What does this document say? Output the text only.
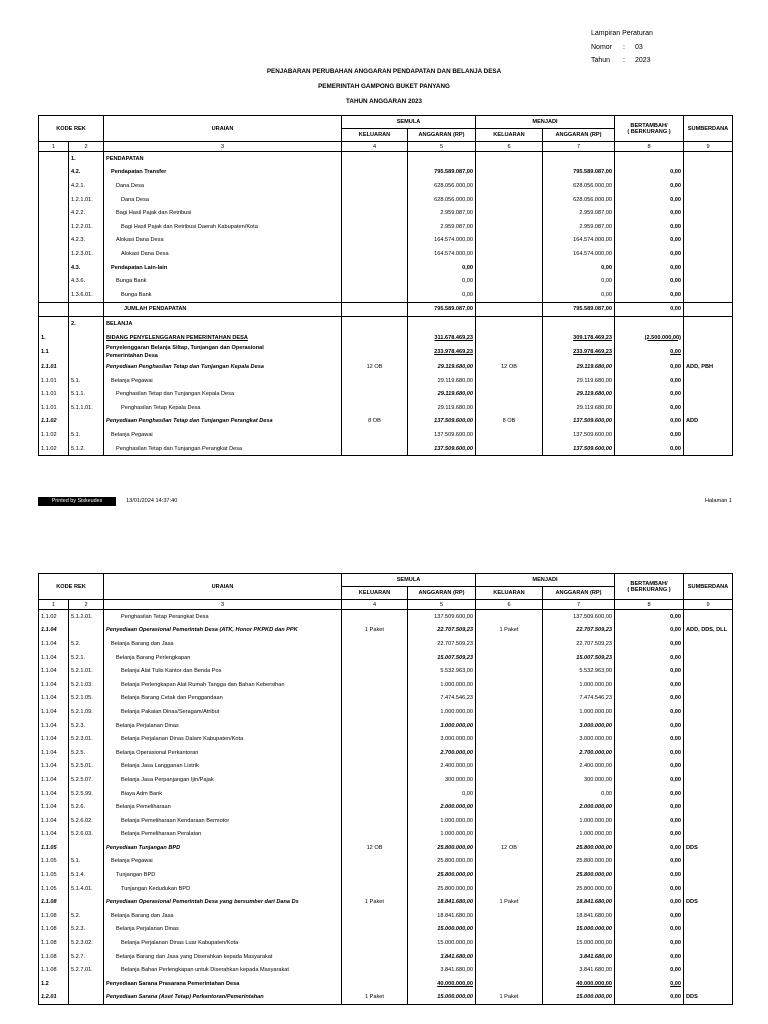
Lampiran Peraturan
Nomor	:	03
Tahun	:	2023
PENJABARAN PERUBAHAN ANGGARAN PENDAPATAN DAN BELANJA DESA
PEMERINTAH GAMPONG BUKET PANYANG
TAHUN ANGGARAN 2023
KODE REK		URAIAN	SEMULA		MENJADI		BERTAMBAH/
( BERKURANG )	SUMBERDANA
			KELUARAN	ANGGARAN (RP)	KELUARAN	ANGGARAN (RP)		
1	2	3	4	5	6	7	8	9
	1.	PENDAPATAN						
	4.2.	Pendapatan Transfer		795.589.087,00		795.589.087,00	0,00	
	4.2.1.	Dana Desa		628.056.000,00		628.056.000,00	0,00	
	1.2.1.01.	Dana Desa		628.056.000,00		628.056.000,00	0,00	
	4.2.2.	Bagi Hasil Pajak dan Retribusi		2.959.087,00		2.959.087,00	0,00	
	1.2.2.01.	Bagi Hasil Pajak dan Retribusi Daerah Kabupaten/Kota		2.959.087,00		2.959.087,00	0,00	
	4.2.3.	Alokasi Dana Desa		164.574.000,00		164.574.000,00	0,00	
	1.2.3.01.	Alokasi Dana Desa		164.574.000,00		164.574.000,00	0,00	
	4.3.	Pendapatan Lain-lain		0,00		0,00	0,00	
	4.3.6.	Bunga Bank		0,00		0,00	0,00	
	1.3.6.01.	Bunga Bank		0,00		0,00	0,00	
		JUMLAH PENDAPATAN		795.589.087,00		795.589.087,00	0,00	
	2.	BELANJA						
1.		BIDANG PENYELENGGARAN PEMERINTAHAN DESA		311.678.469,23		309.178.469,23	(2.500.000,00)	
1.1		Penyelenggaran Belanja Siltap, Tunjangan dan Operasional
Pemerintahan Desa		233.978.469,23		233.978.469,23	0,00	
1.1.01		Penyediaan Penghasilan Tetap dan Tunjangan Kepala Desa	12 OB	29.119.680,00	12 OB	29.119.680,00	0,00	ADD, PBH
1.1.01	5.1.	Belanja Pegawai		29.119.680,00		29.119.680,00	0,00	
1.1.01	5.1.1.	Penghasilan Tetap dan Tunjangan Kepala Desa		29.119.680,00		29.119.680,00	0,00	
1.1.01	5.1.1.01.	Penghasilan Tetap Kepala Desa		29.119.680,00		29.119.680,00	0,00	
1.1.02		Penyediaan Penghasilan Tetap dan Tunjangan Perangkat Desa	8 OB	137.509.600,00	8 OB	137.509.600,00	0,00	ADD
1.1.02	5.1.	Belanja Pegawai		137.509.600,00		137.509.600,00	0,00	
1.1.02	5.1.2.	Penghasilan Tetap dan Tunjangan Perangkat Desa		137.509.600,00		137.509.600,00	0,00	
Printed by Siskeudes	13/01/2024 14:37:40	Halaman 1
KODE REK		URAIAN	SEMULA		MENJADI		BERTAMBAH/
( BERKURANG )	SUMBERDANA
			KELUARAN	ANGGARAN (RP)	KELUARAN	ANGGARAN (RP)		
1	2	3	4	5	6	7	8	9
1.1.02	5.1.2.01.	Penghasilan Tetap Perangkat Desa		137.509.600,00		137.509.600,00	0,00	
1.1.04		Penyediaan Operasional Pemerintah Desa (ATK, Honor PKPKD dan PPK	1 Paket	22.707.509,23	1 Paket	22.707.509,23	0,00	ADD, DDS, DLL
1.1.04	5.2.	Belanja Barang dan Jasa		22.707.509,23		22.707.509,23	0,00	
1.1.04	5.2.1.	Belanja Barang Perlengkapan		15.007.509,23		15.007.509,23	0,00	
1.1.04	5.2.1.01.	Belanja Alat Tulis Kantor dan Benda Pos		5.532.963,00		5.532.963,00	0,00	
1.1.04	5.2.1.03.	Belanja Perlengkapan Alat Rumah Tangga dan Bahan Kebersihan		1.000.000,00		1.000.000,00	0,00	
1.1.04	5.2.1.05.	Belanja Barang Cetak dan Penggandaan		7.474.546,23		7.474.546,23	0,00	
1.1.04	5.2.1.09.	Belanja Pakaian Dinas/Seragam/Atribut		1.000.000,00		1.000.000,00	0,00	
1.1.04	5.2.3.	Belanja Perjalanan Dinas		3.000.000,00		3.000.000,00	0,00	
1.1.04	5.2.3.01.	Belanja Perjalanan Dinas Dalam Kabupaten/Kota		3.000.000,00		3.000.000,00	0,00	
1.1.04	5.2.5.	Belanja Operasional Perkantoran		2.700.000,00		2.700.000,00	0,00	
1.1.04	5.2.5.01.	Belanja Jasa Langganan Listrik		2.400.000,00		2.400.000,00	0,00	
1.1.04	5.2.5.07.	Belanja Jasa Perpanjangan Ijin/Pajak		300.000,00		300.000,00	0,00	
1.1.04	5.2.5.99.	Biaya Adm Bank		0,00		0,00	0,00	
1.1.04	5.2.6.	Belanja Pemeliharaan		2.000.000,00		2.000.000,00	0,00	
1.1.04	5.2.6.02.	Belanja Pemeliharaan Kendaraan Bermotor		1.000.000,00		1.000.000,00	0,00	
1.1.04	5.2.6.03.	Belanja Pemeliharaan Peralatan		1.000.000,00		1.000.000,00	0,00	
1.1.05		Penyediaan Tunjangan BPD	12 OB	25.800.000,00	12 OB	25.800.000,00	0,00	DDS
1.1.05	5.1.	Belanja Pegawai		25.800.000,00		25.800.000,00	0,00	
1.1.05	5.1.4.	Tunjangan BPD		25.800.000,00		25.800.000,00	0,00	
1.1.05	5.1.4.01.	Tunjangan Kedudukan BPD		25.800.000,00		25.800.000,00	0,00	
1.1.08		Penyediaan Operasional Pemerintah Desa yang bersumber dari Dana Ds	1 Paket	18.841.680,00	1 Paket	18.841.680,00	0,00	DDS
1.1.08	5.2.	Belanja Barang dan Jasa		18.841.680,00		18.841.680,00	0,00	
1.1.08	5.2.3.	Belanja Perjalanan Dinas		15.000.000,00		15.000.000,00	0,00	
1.1.08	5.2.3.02.	Belanja Perjalanan Dinas Luar Kabupaten/Kota		15.000.000,00		15.000.000,00	0,00	
1.1.08	5.2.7.	Belanja Barang dan Jasa yang Diserahkan kepada Masyarakat		3.841.680,00		3.841.680,00	0,00	
1.1.08	5.2.7.01.	Belanja Bahan Perlengkapan untuk Diserahkan kepada Masyarakat		3.841.680,00		3.841.680,00	0,00	
1.2		Penyediaan Sarana Prasarana Pemerintahan Desa		40.000.000,00		40.000.000,00	0,00	
1.2.01		Penyediaan Sarana (Aset Tetap) Perkantoran/Pemerintahan	1 Paket	15.000.000,00	1 Paket	15.000.000,00	0,00	DDS
